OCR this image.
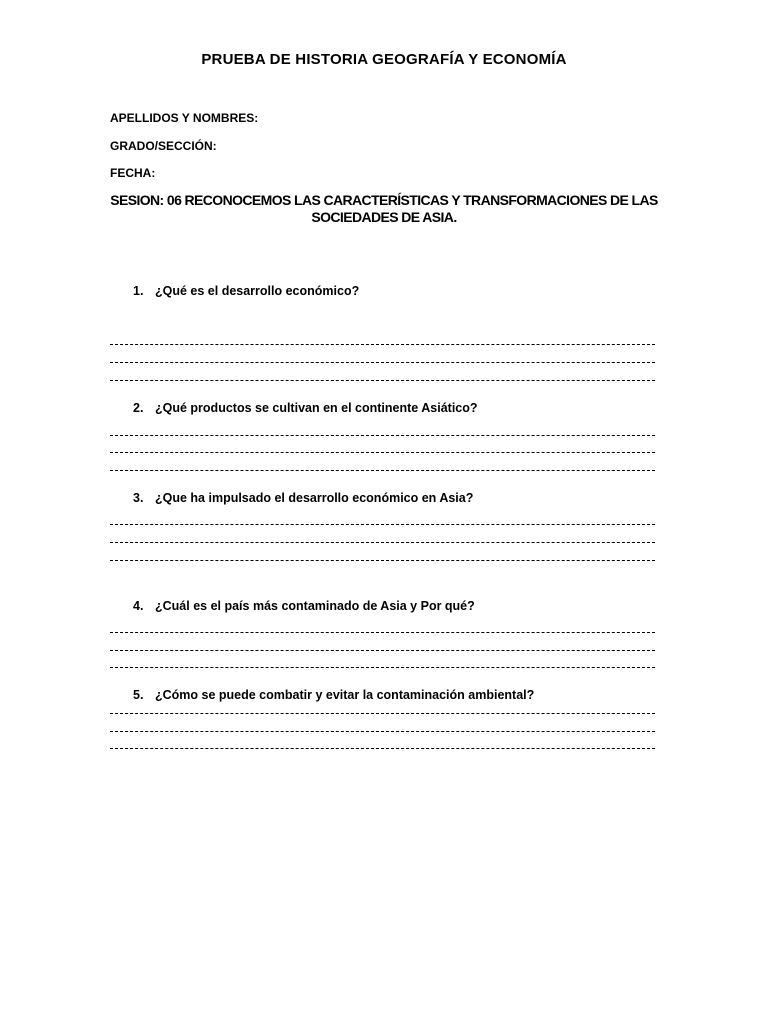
PRUEBA DE HISTORIA GEOGRAFÍA Y ECONOMÍA
APELLIDOS Y NOMBRES:
GRADO/SECCIÓN:
FECHA:
SESION: 06 RECONOCEMOS LAS CARACTERÍSTICAS Y TRANSFORMACIONES DE LAS
SOCIEDADES DE ASIA.
1. ¿Qué es el desarrollo económico?
2. ¿Qué productos se cultivan en el continente Asiático?
3. ¿Que ha impulsado el desarrollo económico en Asia?
4. ¿Cuál es el país más contaminado de Asia y Por qué?
5. ¿Cómo se puede combatir y evitar la contaminación ambiental?
